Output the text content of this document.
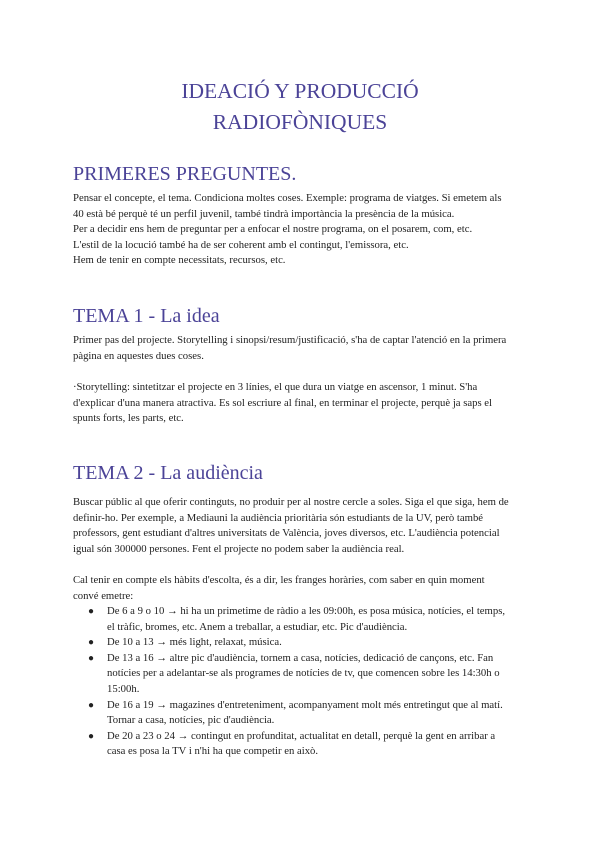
IDEACIÓ Y PRODUCCIÓ
RADIOFÒNIQUES
PRIMERES PREGUNTES.
Pensar el concepte, el tema. Condiciona moltes coses. Exemple: programa de viatges. Si emetem als
40 està bé perquè té un perfil juvenil, també tindrà importància la presència de la música.
Per a decidir ens hem de preguntar per a enfocar el nostre programa, on el posarem, com, etc.
L'estil de la locució també ha de ser coherent amb el contingut, l'emissora, etc.
Hem de tenir en compte necessitats, recursos, etc.
TEMA 1 - La idea
Primer pas del projecte. Storytelling i sinopsi/resum/justificació, s'ha de captar l'atenció en la primera
pàgina en aquestes dues coses.
·Storytelling: sintetitzar el projecte en 3 línies, el que dura un viatge en ascensor, 1 minut. S'ha
d'explicar d'una manera atractiva. Es sol escriure al final, en terminar el projecte, perquè ja saps el
spunts forts, les parts, etc.
TEMA 2 - La audiència
Buscar públic al que oferir continguts, no produir per al nostre cercle a soles. Siga el que siga, hem de
definir-ho. Per exemple, a Mediauni la audiència prioritària són estudiants de la UV, però també
professors, gent estudiant d'altres universitats de València, joves diversos, etc. L'audiència potencial
igual són 300000 persones. Fent el projecte no podem saber la audiència real.
Cal tenir en compte els hàbits d'escolta, és a dir, les franges horàries, com saber en quin moment
convé emetre:
● De 6 a 9 o 10 → hi ha un primetime de ràdio a les 09:00h, es posa música, notícies, el temps,
el tràfic, bromes, etc. Anem a treballar, a estudiar, etc. Pic d'audiència.
● De 10 a 13 → més light, relaxat, música.
● De 13 a 16 → altre pic d'audiència, tornem a casa, notícies, dedicació de cançons, etc. Fan
notícies per a adelantar-se als programes de notícies de tv, que comencen sobre les 14:30h o
15:00h.
● De 16 a 19 → magazines d'entreteniment, acompanyament molt més entretingut que al matí.
Tornar a casa, notícies, pic d'audiència.
● De 20 a 23 o 24 → contingut en profunditat, actualitat en detall, perquè la gent en arribar a
casa es posa la TV i n'hi ha que competir en això.
